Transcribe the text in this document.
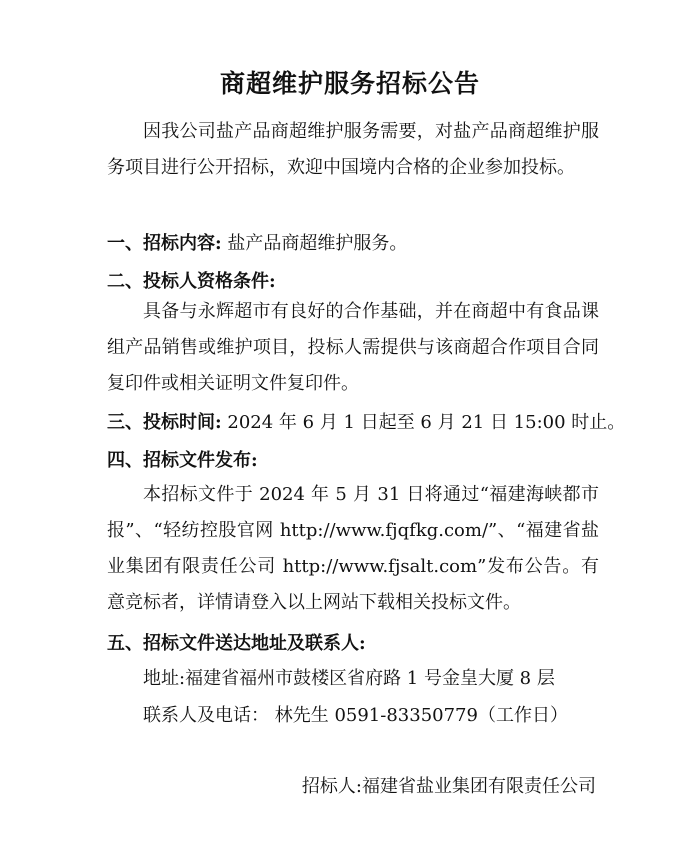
商超维护服务招标公告
因我公司盐产品商超维护服务需要，对盐产品商超维护服务项目进行公开招标，欢迎中国境内合格的企业参加投标。
一、招标内容: 盐产品商超维护服务。
二、投标人资格条件:
具备与永辉超市有良好的合作基础，并在商超中有食品课组产品销售或维护项目，投标人需提供与该商超合作项目合同复印件或相关证明文件复印件。
三、投标时间: 2024 年 6 月 1 日起至 6 月 21 日 15:00 时止。
四、招标文件发布:
本招标文件于 2024 年 5 月 31 日将通过“福建海峡都市报”、“轻纺控股官网 http://www.fjqfkg.com/”、“福建省盐业集团有限责任公司 http://www.fjsalt.com”发布公告。有意竞标者，详情请登入以上网站下载相关投标文件。
五、招标文件送达地址及联系人:
地址:福建省福州市鼓楼区省府路 1 号金皇大厦 8 层
联系人及电话： 林先生 0591-83350779（工作日）
招标人:福建省盐业集团有限责任公司
